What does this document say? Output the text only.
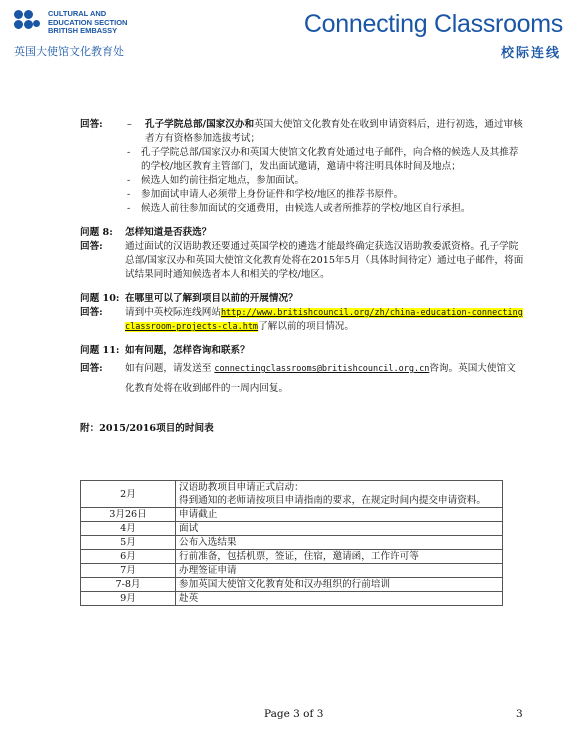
CULTURAL AND
EDUCATION SECTION
BRITISH EMBASSY
英国大使馆文化教育处
Connecting Classrooms
校际连线
回答:	–	孔子学院总部/国家汉办和英国大使馆文化教育处在收到申请资料后，进行初选，通过审核者方有资格参加选拔考试；
-	孔子学院总部/国家汉办和英国大使馆文化教育处通过电子邮件，向合格的候选人及其推荐的学校/地区教育主管部门，发出面试邀请，邀请中将注明具体时间及地点；
-	候选人如约前往指定地点，参加面试。
-	参加面试申请人必须带上身份证件和学校/地区的推荐书原件。
-	候选人前往参加面试的交通费用，由候选人或者所推荐的学校/地区自行承担。
问题 8:	怎样知道是否获选？
回答:	通过面试的汉语助教还要通过英国学校的遴选才能最终确定获选汉语助教委派资格。孔子学院总部/国家汉办和英国大使馆文化教育处将在2015年5月（具体时间待定）通过电子邮件，将面试结果同时通知候选者本人和相关的学校/地区。
问题 10: 在哪里可以了解到项目以前的开展情况？
回答:	请到中英校际连线网站http://www.britishcouncil.org/zh/china-education-connectingclassroom-projects-cla.htm了解以前的项目情况。
问题 11: 如有问题，怎样咨询和联系？
回答:	如有问题，请发送至 connectingclassrooms@britishcouncil.org.cn咨询。英国大使馆文化教育处将在收到邮件的一周内回复。
附：2015/2016项目的时间表
2月	汉语助教项目申请正式启动：
得到通知的老师请按项目申请指南的要求，在规定时间内提交申请资料。
3月26日	申请截止
4月	面试
5月	公布入选结果
6月	行前准备，包括机票，签证，住宿，邀请函，工作许可等
7月	办理签证申请
7-8月	参加英国大使馆文化教育处和汉办组织的行前培训
9月	赴英
Page 3 of 3	3
